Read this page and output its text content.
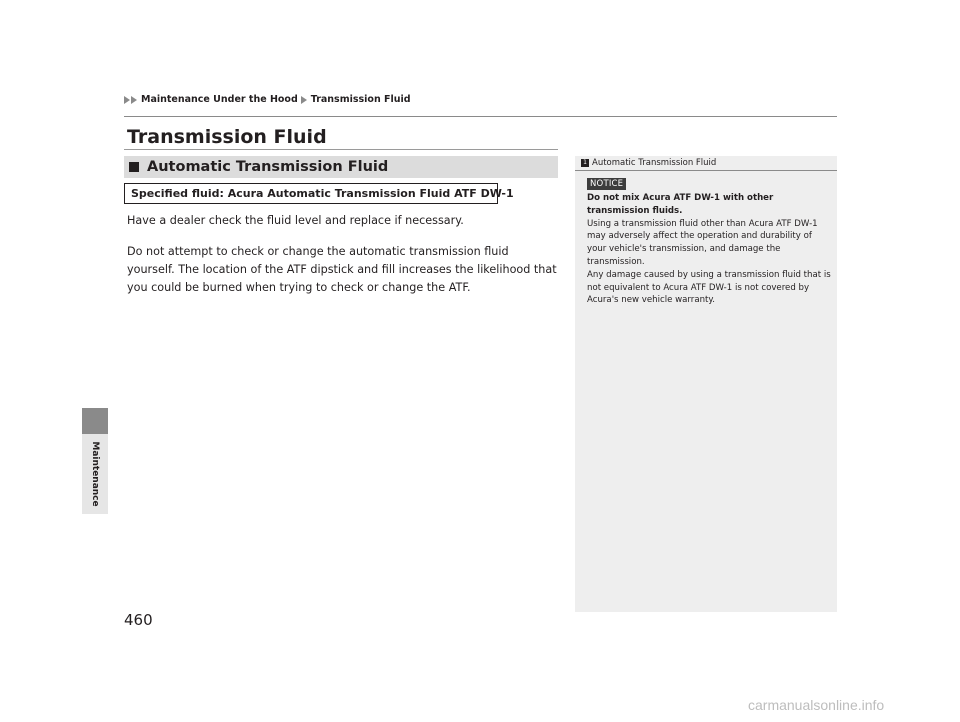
Maintenance Under the Hood Transmission Fluid
Maintenance
Transmission Fluid
Automatic Transmission Fluid
Specified fluid: Acura Automatic Transmission Fluid ATF DW-1
Have a dealer check the fluid level and replace if necessary.
Do not attempt to check or change the automatic transmission fluid yourself. The location of the ATF dipstick and fill increases the likelihood that you could be burned when trying to check or change the ATF.
1 Automatic Transmission Fluid
NOTICE
Do not mix Acura ATF DW-1 with other transmission fluids.
Using a transmission fluid other than Acura ATF DW-1 may adversely affect the operation and durability of your vehicle's transmission, and damage the transmission.
Any damage caused by using a transmission fluid that is not equivalent to Acura ATF DW-1 is not covered by Acura's new vehicle warranty.
460
carmanualsonline.info
